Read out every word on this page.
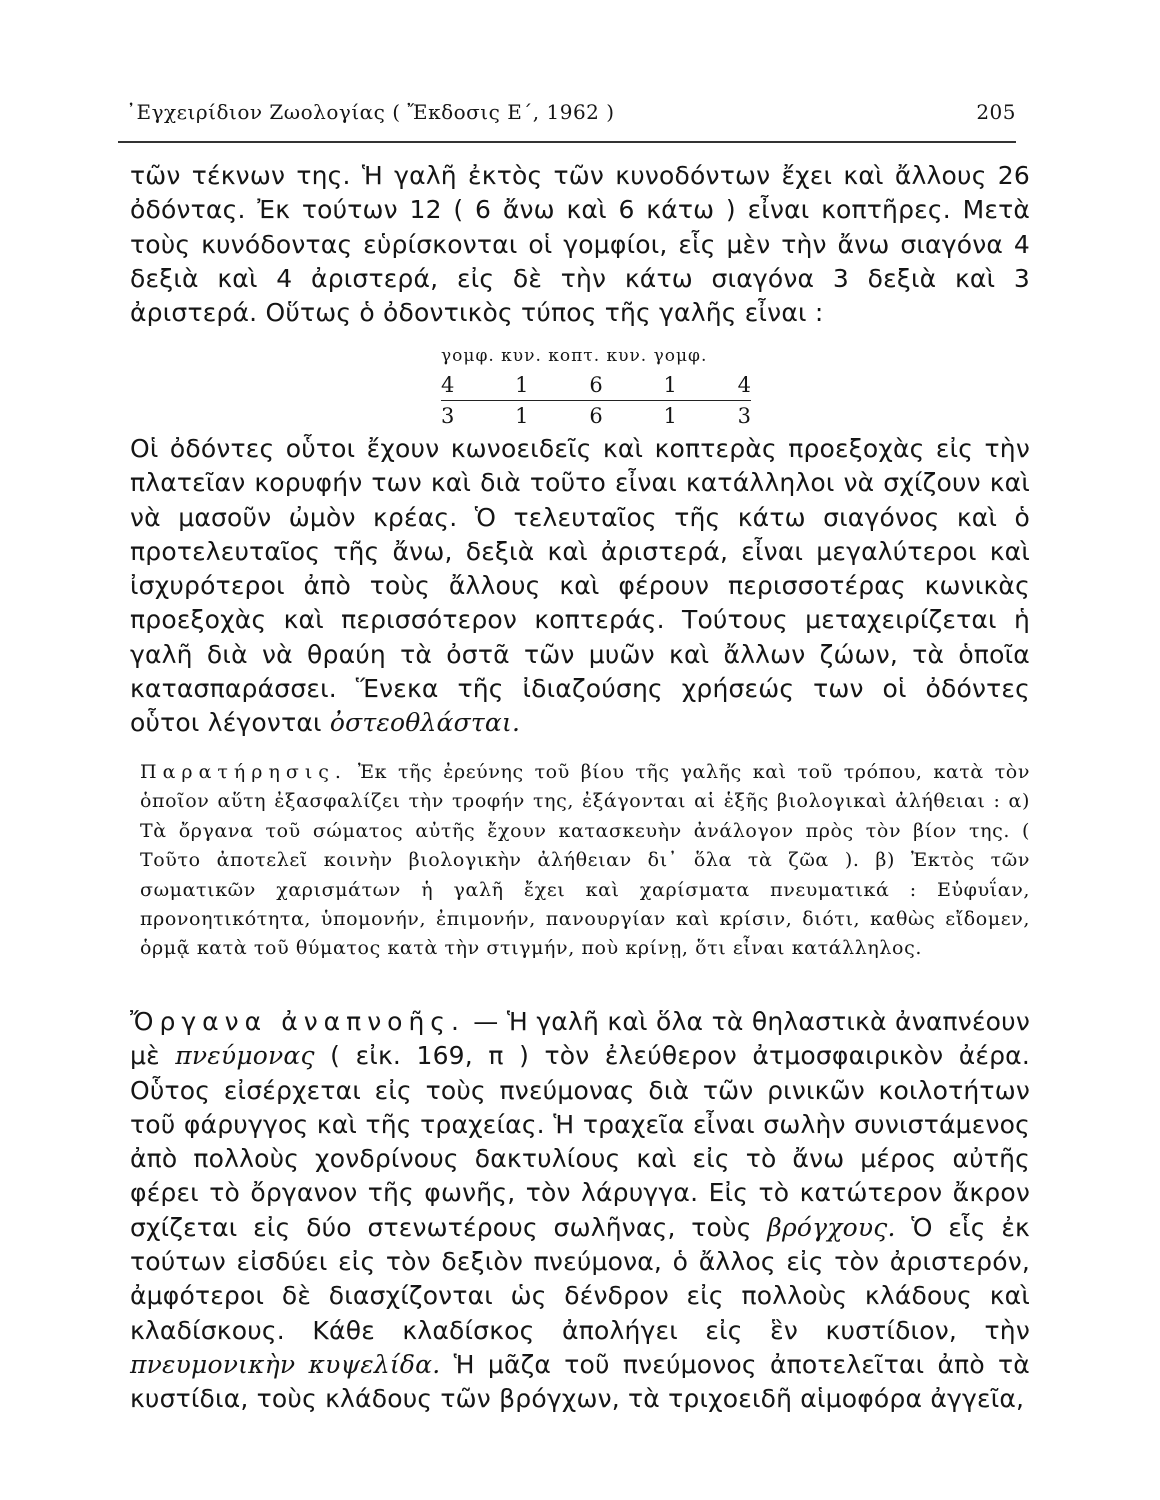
᾿Εγχειρίδιον Ζωολογίας ( Ἔκδοσις Ε΄, 1962 )	205
τῶν τέκνων της. Ἡ γαλῆ ἐκτὸς τῶν κυνοδόντων ἔχει καὶ ἄλλους 26 ὀδόντας. Ἐκ τούτων 12 ( 6 ἄνω καὶ 6 κάτω ) εἶναι κοπτῆρες. Μετὰ τοὺς κυνόδοντας εὑρίσκονται οἱ γομφίοι, εἷς μὲν τὴν ἄνω σιαγόνα 4 δεξιὰ καὶ 4 ἀριστερά, εἰς δὲ τὴν κάτω σιαγόνα 3 δεξιὰ καὶ 3 ἀριστερά. Οὕτως ὁ ὀδοντικὸς τύπος τῆς γαλῆς εἶναι :
γομφ. κυν. κοπτ. κυν. γομφ.
4	1	6	1	4
3	1	6	1	3
Οἱ ὀδόντες οὗτοι ἔχουν κωνοειδεῖς καὶ κοπτερὰς προεξοχὰς εἰς τὴν πλατεῖαν κορυφήν των καὶ διὰ τοῦτο εἶναι κατάλληλοι νὰ σχίζουν καὶ νὰ μασοῦν ὠμὸν κρέας. Ὁ τελευταῖος τῆς κάτω σιαγόνος καὶ ὁ προτελευταῖος τῆς ἄνω, δεξιὰ καὶ ἀριστερά, εἶναι μεγαλύτεροι καὶ ἰσχυρότεροι ἀπὸ τοὺς ἄλλους καὶ φέρουν περισσοτέρας κωνικὰς προεξοχὰς καὶ περισσότερον κοπτεράς. Τούτους μεταχειρίζεται ἡ γαλῆ διὰ νὰ θραύη τὰ ὀστᾶ τῶν μυῶν καὶ ἄλλων ζώων, τὰ ὁποῖα κατασπαράσσει. Ἕνεκα τῆς ἰδιαζούσης χρήσεώς των οἱ ὀδόντες οὗτοι λέγονται ὀστεοθλάσται.
Παρατήρησις. Ἐκ τῆς ἐρεύνης τοῦ βίου τῆς γαλῆς καὶ τοῦ τρόπου, κατὰ τὸν ὁποῖον αὕτη ἐξασφαλίζει τὴν τροφήν της, ἐξάγονται αἱ ἑξῆς βιολογικαὶ ἀλήθειαι : α) Τὰ ὄργανα τοῦ σώματος αὐτῆς ἔχουν κατασκευὴν ἀνάλογον πρὸς τὸν βίον της. ( Τοῦτο ἀποτελεῖ κοινὴν βιολογικὴν ἀλήθειαν δι᾿ ὅλα τὰ ζῶα ). β) Ἐκτὸς τῶν σωματικῶν χαρισμάτων ἡ γαλῆ ἔχει καὶ χαρίσματα πνευματικά : Εὐφυΐαν, προνοητικότητα, ὑπομονήν, ἐπιμονήν, πανουργίαν καὶ κρίσιν, διότι, καθὼς εἴδομεν, ὁρμᾷ κατὰ τοῦ θύματος κατὰ τὴν στιγμήν, ποὺ κρίνῃ, ὅτι εἶναι κατάλληλος.
Ὄργανα ἀναπνοῆς. — Ἡ γαλῆ καὶ ὅλα τὰ θηλαστικὰ ἀναπνέουν μὲ πνεύμονας ( εἰκ. 169, π ) τὸν ἐλεύθερον ἀτμοσφαιρικὸν ἀέρα. Οὗτος εἰσέρχεται εἰς τοὺς πνεύμονας διὰ τῶν ρινικῶν κοιλοτήτων τοῦ φάρυγγος καὶ τῆς τραχείας. Ἡ τραχεῖα εἶναι σωλὴν συνιστάμενος ἀπὸ πολλοὺς χονδρίνους δακτυλίους καὶ εἰς τὸ ἄνω μέρος αὐτῆς φέρει τὸ ὄργανον τῆς φωνῆς, τὸν λάρυγγα. Εἰς τὸ κατώτερον ἄκρον σχίζεται εἰς δύο στενωτέρους σωλῆνας, τοὺς βρόγχους. Ὁ εἷς ἐκ τούτων εἰσδύει εἰς τὸν δεξιὸν πνεύμονα, ὁ ἄλλος εἰς τὸν ἀριστερόν, ἀμφότεροι δὲ διασχίζονται ὡς δένδρον εἰς πολλοὺς κλάδους καὶ κλαδίσκους. Κάθε κλαδίσκος ἀπολήγει εἰς ἓν κυστίδιον, τὴν πνευμονικὴν κυψελίδα. Ἡ μᾶζα τοῦ πνεύμονος ἀποτελεῖται ἀπὸ τὰ κυστίδια, τοὺς κλάδους τῶν βρόγχων, τὰ τριχοειδῆ αἱμοφόρα ἀγγεῖα,
